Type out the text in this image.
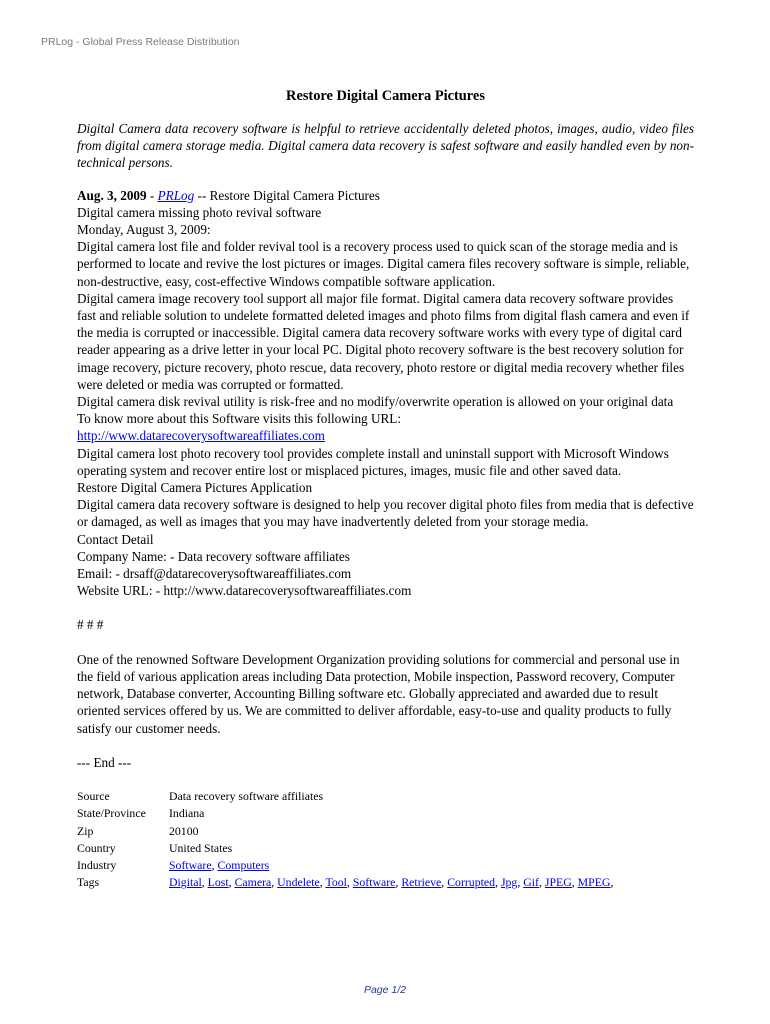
PRLog - Global Press Release Distribution
Restore Digital Camera Pictures
Digital Camera data recovery software is helpful to retrieve accidentally deleted photos, images, audio, video files from digital camera storage media. Digital camera data recovery is safest software and easily handled even by non-technical persons.
Aug. 3, 2009 - PRLog -- Restore Digital Camera Pictures
Digital camera missing photo revival software
Monday, August 3, 2009:
Digital camera lost file and folder revival tool is a recovery process used to quick scan of the storage media and is performed to locate and revive the lost pictures or images. Digital camera files recovery software is simple, reliable, non-destructive, easy, cost-effective Windows compatible software application.
Digital camera image recovery tool support all major file format. Digital camera data recovery software provides fast and reliable solution to undelete formatted deleted images and photo films from digital flash camera and even if the media is corrupted or inaccessible. Digital camera data recovery software works with every type of digital card reader appearing as a drive letter in your local PC. Digital photo recovery software is the best recovery solution for image recovery, picture recovery, photo rescue, data recovery, photo restore or digital media recovery whether files were deleted or media was corrupted or formatted.
Digital camera disk revival utility is risk-free and no modify/overwrite operation is allowed on your original data
To know more about this Software visits this following URL:
http://www.datarecoverysoftwareaffiliates.com
Digital camera lost photo recovery tool provides complete install and uninstall support with Microsoft Windows operating system and recover entire lost or misplaced pictures, images, music file and other saved data.
Restore Digital Camera Pictures Application
Digital camera data recovery software is designed to help you recover digital photo files from media that is defective or damaged, as well as images that you may have inadvertently deleted from your storage media.
Contact Detail
Company Name: - Data recovery software affiliates
Email: - drsaff@datarecoverysoftwareaffiliates.com
Website URL: - http://www.datarecoverysoftwareaffiliates.com
# # #
One of the renowned Software Development Organization providing solutions for commercial and personal use in the field of various application areas including Data protection, Mobile inspection, Password recovery, Computer network, Database converter, Accounting Billing software etc. Globally appreciated and awarded due to result oriented services offered by us. We are committed to deliver affordable, easy-to-use and quality products to fully satisfy our customer needs.
--- End ---
Source	Data recovery software affiliates
State/Province	Indiana
Zip	20100
Country	United States
Industry	Software, Computers
Tags	Digital, Lost, Camera, Undelete, Tool, Software, Retrieve, Corrupted, Jpg, Gif, JPEG, MPEG,
Page 1/2
